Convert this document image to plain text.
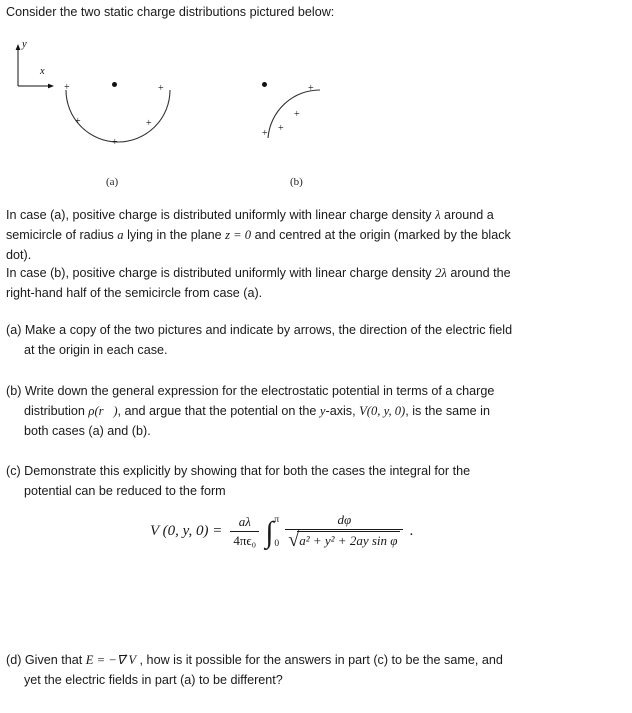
Consider the two static charge distributions pictured below:
y
x
+
+
+
+
+
+ +
+
+
(a)	(b)
In case (a), positive charge is distributed uniformly with linear charge density λ around a
semicircle of radius a lying in the plane z = 0 and centred at the origin (marked by the black
dot).
In case (b), positive charge is distributed uniformly with linear charge density 2λ around the
right-hand half of the semicircle from case (a).
(a) Make a copy of the two pictures and indicate by arrows, the direction of the electric field
at the origin in each case.
(b) Write down the general expression for the electrostatic potential in terms of a charge
distribution ρ(r⃗), and argue that the potential on the y-axis, V(0, y, 0), is the same in
both cases (a) and (b).
(c) Demonstrate this explicitly by showing that for both the cases the integral for the
potential can be reduced to the form
V (0, y, $0) = \frac{a\lambda}{\text{4πϵ₀}}$ ∫ π
$0 \frac{d\varphi}{\text{√ a² + y² + 2ay sin φ}}$ .
(d) Given that E = −∇⃗ V , how is it possible for the answers in part (c) to be the same, and

yet the electric fields in part (a) to be different?
